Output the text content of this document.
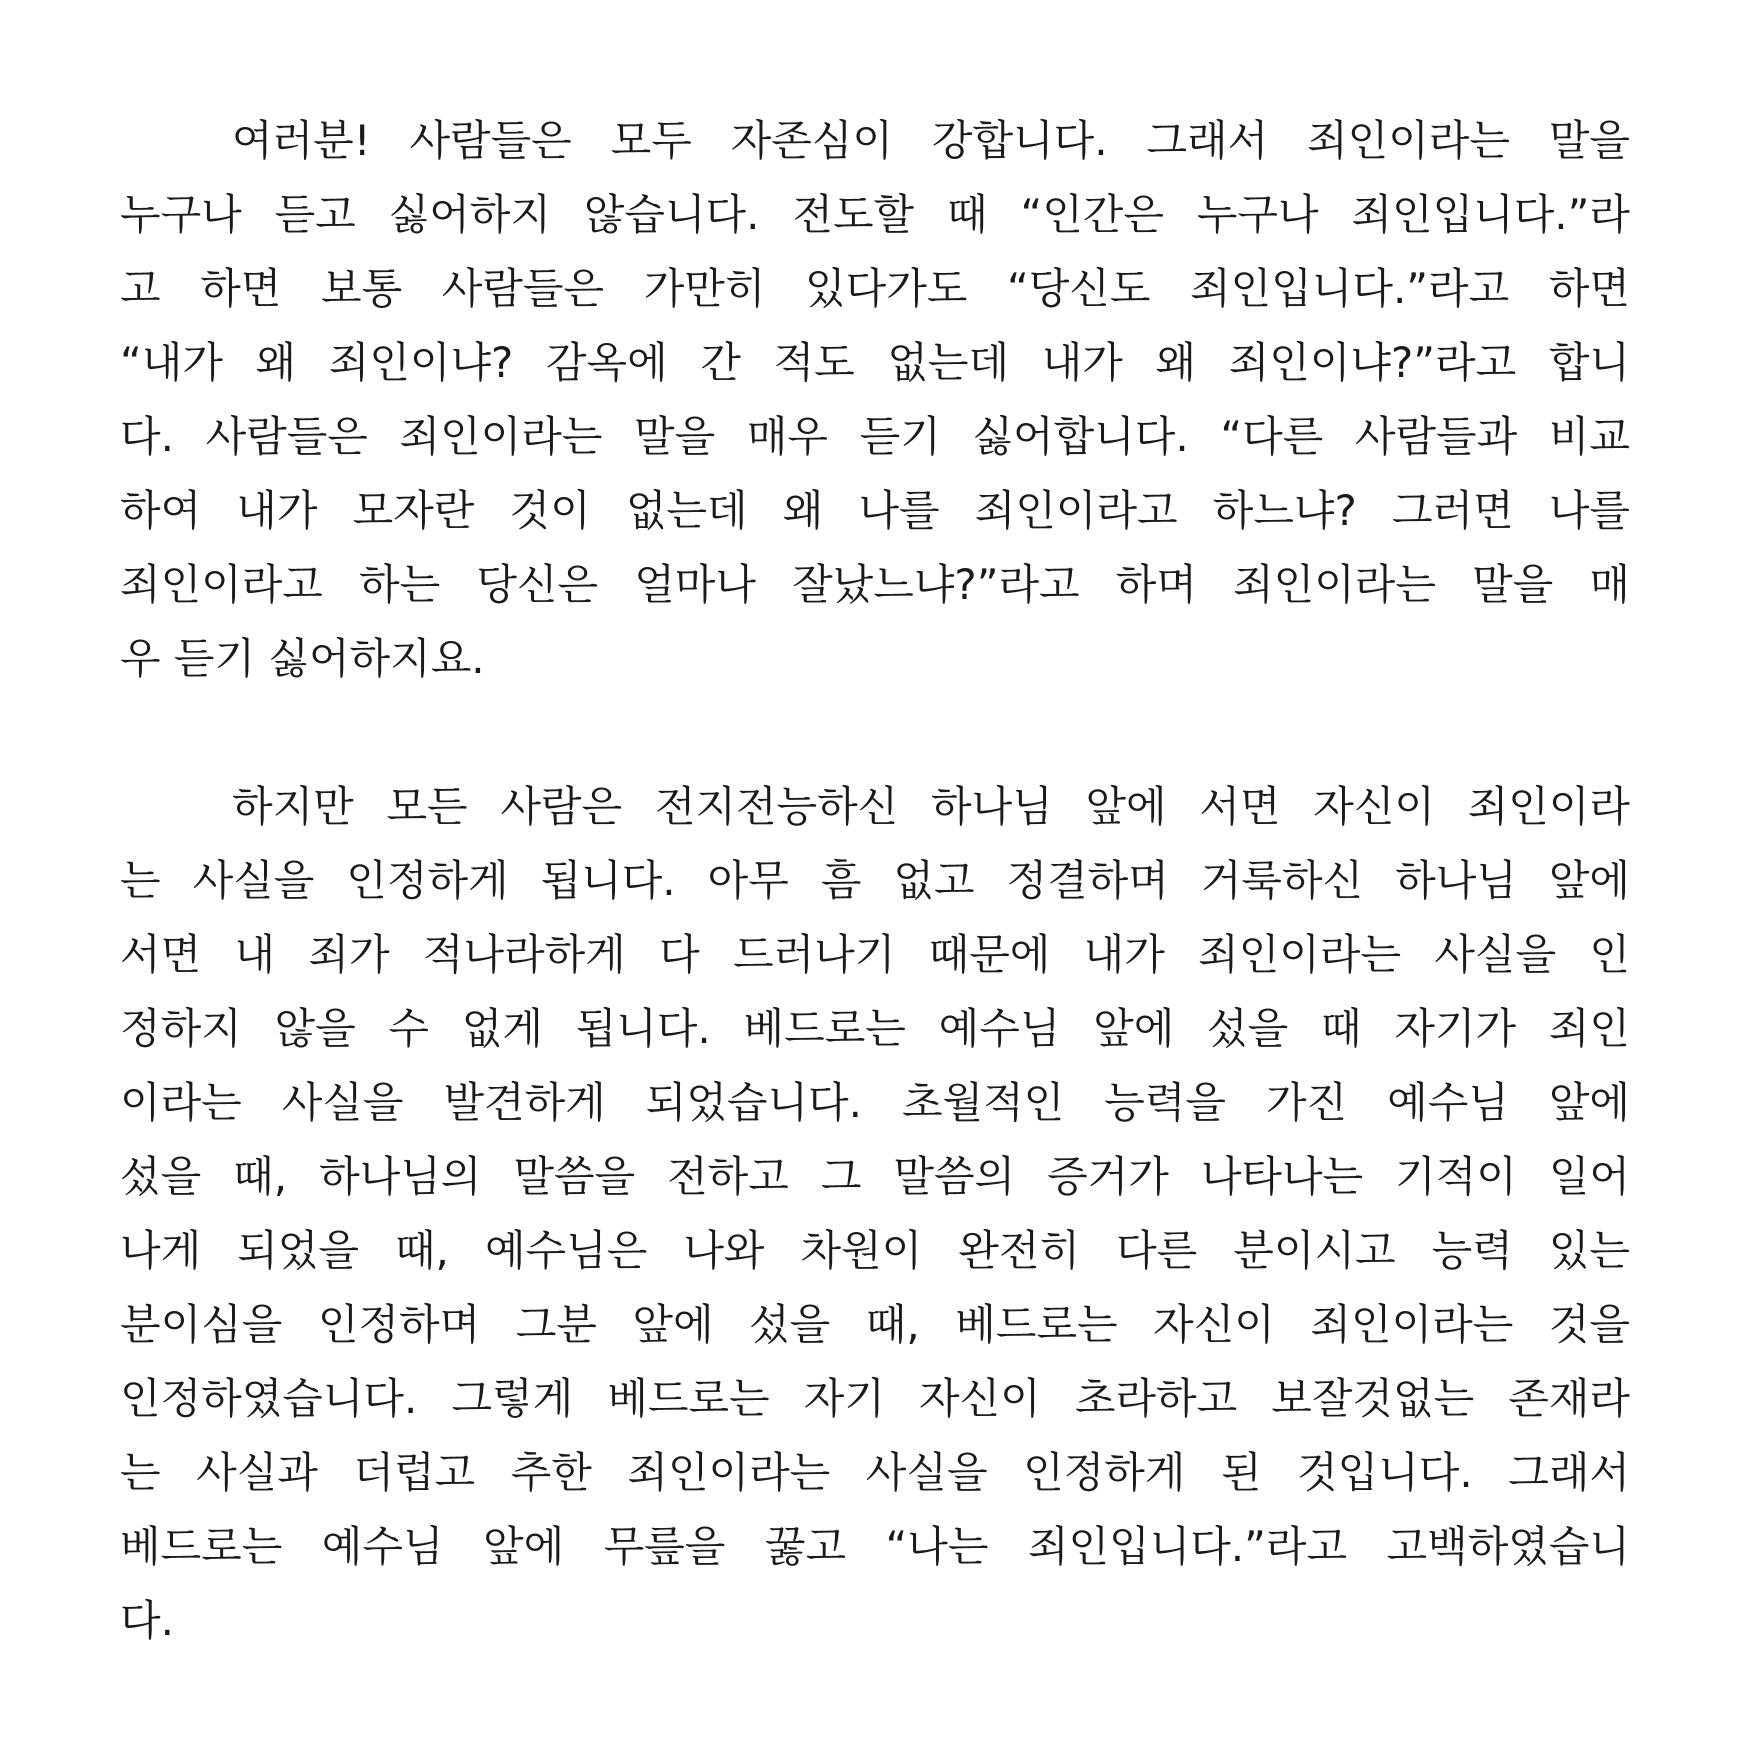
여러분! 사람들은 모두 자존심이 강합니다. 그래서 죄인이라는 말을
누구나 듣고 싫어하지 않습니다. 전도할 때 “인간은 누구나 죄인입니다.”라
고 하면 보통 사람들은 가만히 있다가도 “당신도 죄인입니다.”라고 하면
“내가 왜 죄인이냐? 감옥에 간 적도 없는데 내가 왜 죄인이냐?”라고 합니
다. 사람들은 죄인이라는 말을 매우 듣기 싫어합니다. “다른 사람들과 비교
하여 내가 모자란 것이 없는데 왜 나를 죄인이라고 하느냐? 그러면 나를
죄인이라고 하는 당신은 얼마나 잘났느냐?”라고 하며 죄인이라는 말을 매
우 듣기 싫어하지요.
하지만 모든 사람은 전지전능하신 하나님 앞에 서면 자신이 죄인이라
는 사실을 인정하게 됩니다. 아무 흠 없고 정결하며 거룩하신 하나님 앞에
서면 내 죄가 적나라하게 다 드러나기 때문에 내가 죄인이라는 사실을 인
정하지 않을 수 없게 됩니다. 베드로는 예수님 앞에 섰을 때 자기가 죄인
이라는 사실을 발견하게 되었습니다. 초월적인 능력을 가진 예수님 앞에
섰을 때, 하나님의 말씀을 전하고 그 말씀의 증거가 나타나는 기적이 일어
나게 되었을 때, 예수님은 나와 차원이 완전히 다른 분이시고 능력 있는
분이심을 인정하며 그분 앞에 섰을 때, 베드로는 자신이 죄인이라는 것을
인정하였습니다. 그렇게 베드로는 자기 자신이 초라하고 보잘것없는 존재라
는 사실과 더럽고 추한 죄인이라는 사실을 인정하게 된 것입니다. 그래서
베드로는 예수님 앞에 무릎을 꿇고 “나는 죄인입니다.”라고 고백하였습니
다.
